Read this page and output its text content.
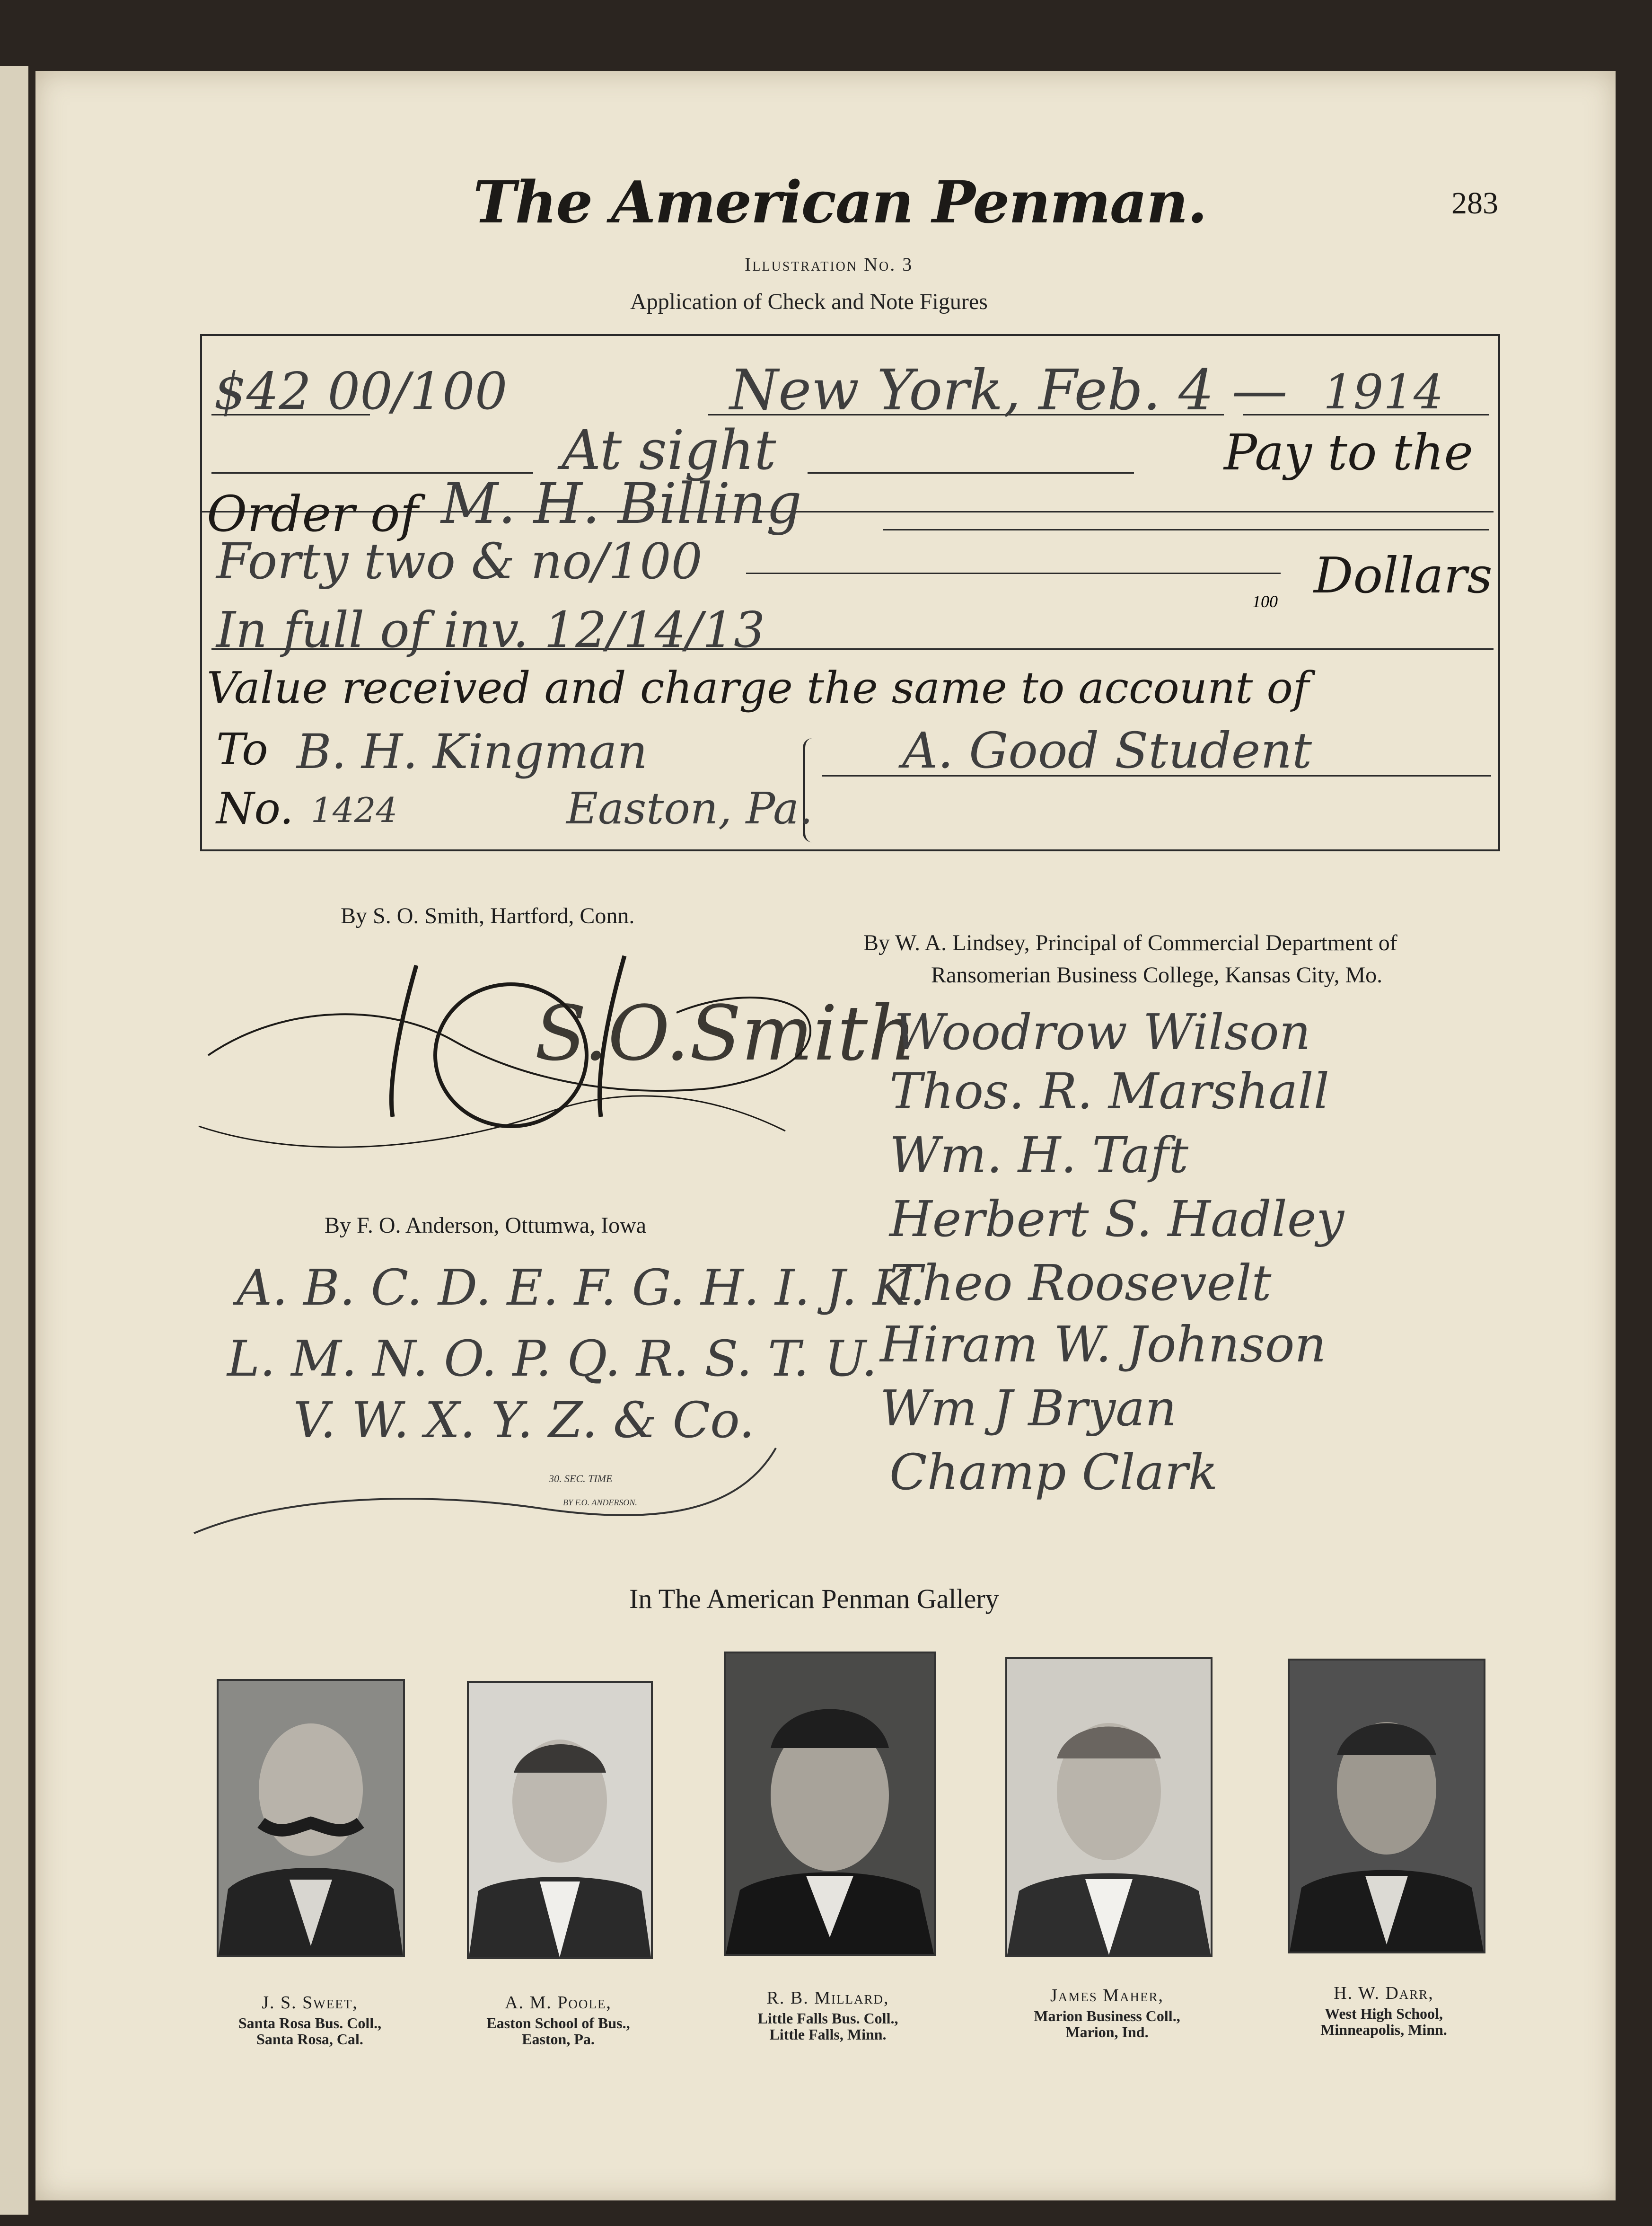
The American Penman.	283
Illustration No. 3
Application of Check and Note Figures
$42 00/100	New York, Feb. 4 — 1914
At sight	Pay to the
Order of M. H. Billing
Forty two & no/100
100 Dollars
In full of inv. 12/14/13
Value received and charge the same to account of
To B. H. Kingman
No. 1424	Easton, Pa.
A. Good Student
By S. O. Smith, Hartford, Conn.
S.O.Smith
By F. O. Anderson, Ottumwa, Iowa
A. B. C. D. E. F. G. H. I. J. K.
L. M. N. O. P. Q. R. S. T. U.
V. W. X. Y. Z. & Co.
30. SEC. TIME
BY F.O. ANDERSON.
By W. A. Lindsey, Principal of Commercial Department of
Ransomerian Business College, Kansas City, Mo.
Woodrow Wilson
Thos. R. Marshall
Wm. H. Taft
Herbert S. Hadley
Theo Roosevelt
Hiram W. Johnson
Wm J Bryan
Champ Clark
In The American Penman Gallery
J. S. Sweet,
Santa Rosa Bus. Coll.,
Santa Rosa, Cal.
A. M. Poole,
Easton School of Bus.,
Easton, Pa.
R. B. Millard,
Little Falls Bus. Coll.,
Little Falls, Minn.
James Maher,
Marion Business Coll.,
Marion, Ind.
H. W. Darr,
West High School,
Minneapolis, Minn.
